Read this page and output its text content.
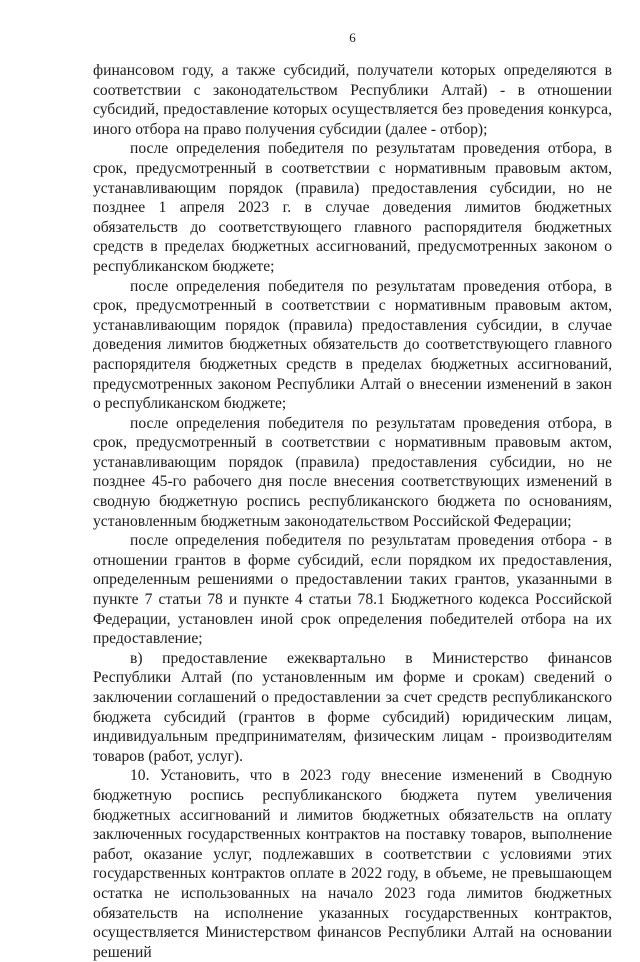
6

финансовом году, а также субсидий, получатели которых определяются в соответствии с законодательством Республики Алтай) - в отношении субсидий, предоставление которых осуществляется без проведения конкурса, иного отбора на право получения субсидии (далее - отбор);

после определения победителя по результатам проведения отбора, в срок, предусмотренный в соответствии с нормативным правовым актом, устанавливающим порядок (правила) предоставления субсидии, но не позднее 1 апреля 2023 г. в случае доведения лимитов бюджетных обязательств до соответствующего главного распорядителя бюджетных средств в пределах бюджетных ассигнований, предусмотренных законом о республиканском бюджете;

после определения победителя по результатам проведения отбора, в срок, предусмотренный в соответствии с нормативным правовым актом, устанавливающим порядок (правила) предоставления субсидии, в случае доведения лимитов бюджетных обязательств до соответствующего главного распорядителя бюджетных средств в пределах бюджетных ассигнований, предусмотренных законом Республики Алтай о внесении изменений в закон о республиканском бюджете;

после определения победителя по результатам проведения отбора, в срок, предусмотренный в соответствии с нормативным правовым актом, устанавливающим порядок (правила) предоставления субсидии, но не позднее 45-го рабочего дня после внесения соответствующих изменений в сводную бюджетную роспись республиканского бюджета по основаниям, установленным бюджетным законодательством Российской Федерации;

после определения победителя по результатам проведения отбора - в отношении грантов в форме субсидий, если порядком их предоставления, определенным решениями о предоставлении таких грантов, указанными в пункте 7 статьи 78 и пункте 4 статьи 78.1 Бюджетного кодекса Российской Федерации, установлен иной срок определения победителей отбора на их предоставление;

в) предоставление ежеквартально в Министерство финансов Республики Алтай (по установленным им форме и срокам) сведений о заключении соглашений о предоставлении за счет средств республиканского бюджета субсидий (грантов в форме субсидий) юридическим лицам, индивидуальным предпринимателям, физическим лицам - производителям товаров (работ, услуг).

10. Установить, что в 2023 году внесение изменений в Сводную бюджетную роспись республиканского бюджета путем увеличения бюджетных ассигнований и лимитов бюджетных обязательств на оплату заключенных государственных контрактов на поставку товаров, выполнение работ, оказание услуг, подлежавших в соответствии с условиями этих государственных контрактов оплате в 2022 году, в объеме, не превышающем остатка не использованных на начало 2023 года лимитов бюджетных обязательств на исполнение указанных государственных контрактов, осуществляется Министерством финансов Республики Алтай на основании решений
